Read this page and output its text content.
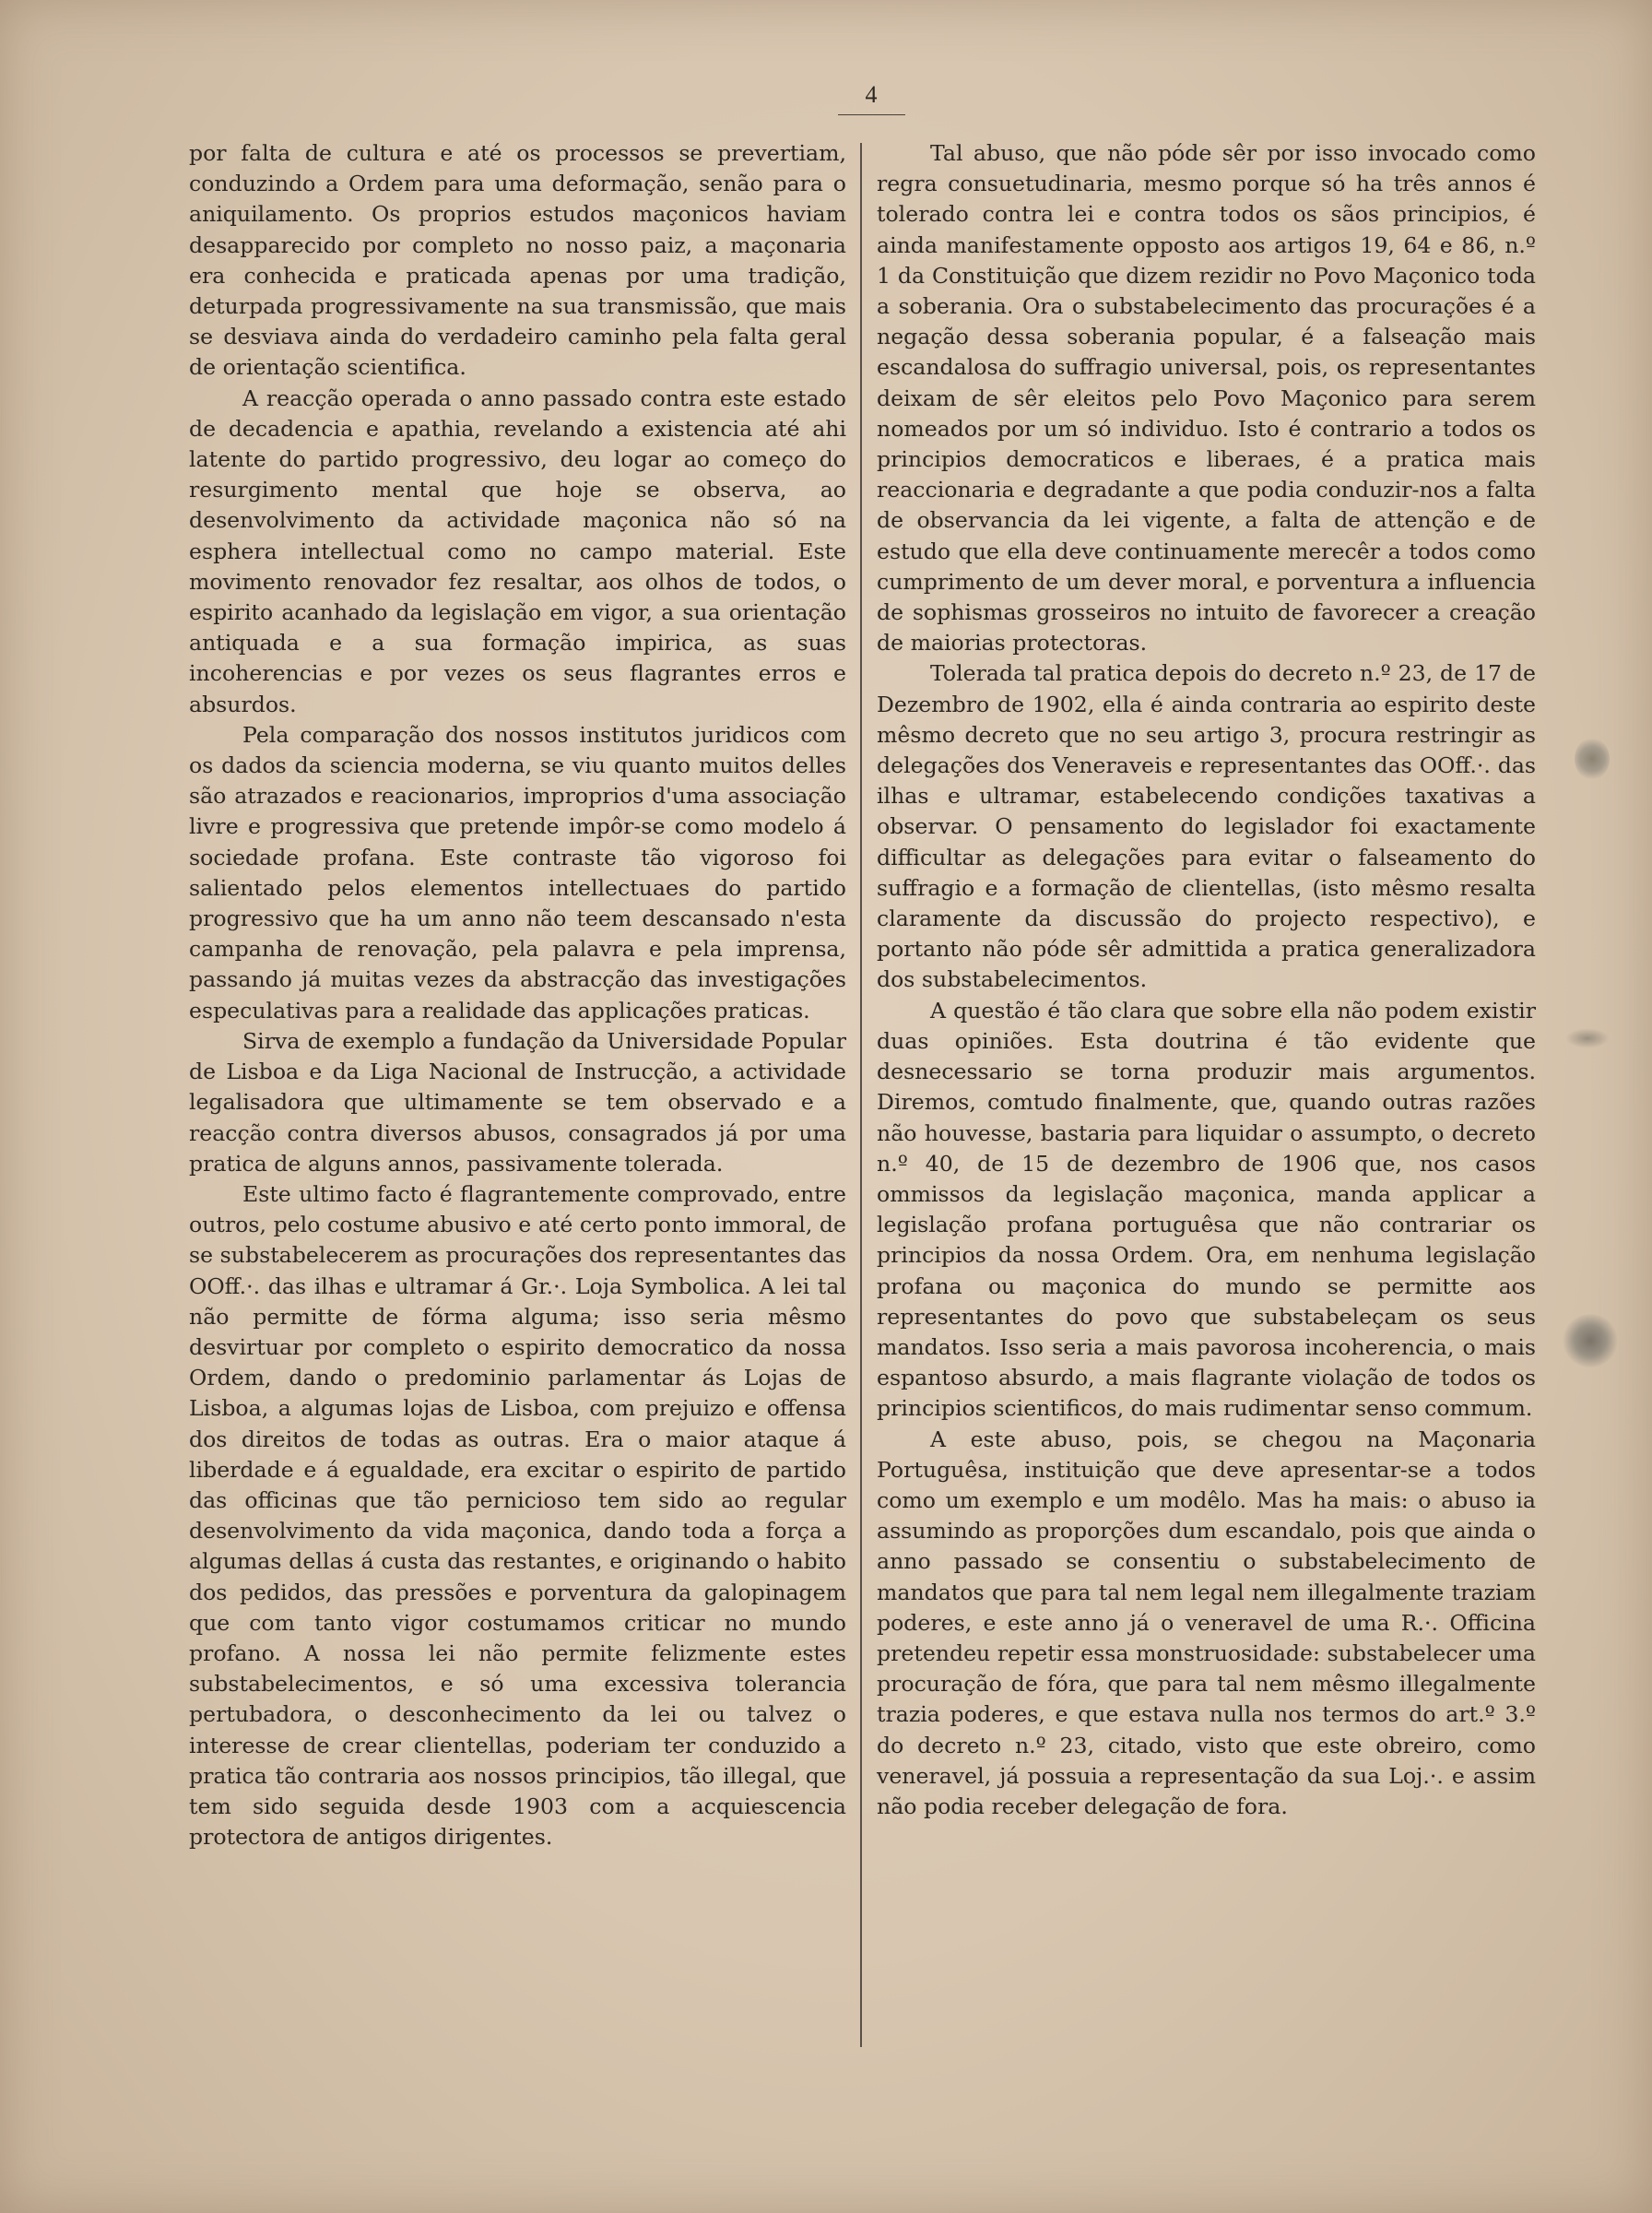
4

por falta de cultura e até os processos se prevertiam, conduzindo a Ordem para uma deformação, senão para o aniquilamento. Os proprios estudos maçonicos haviam desapparecido por completo no nosso paiz, a maçonaria era conhecida e praticada apenas por uma tradição, deturpada progressivamente na sua transmissão, que mais se desviava ainda do verdadeiro caminho pela falta geral de orientação scientifica.

A reacção operada o anno passado contra este estado de decadencia e apathia, revelando a existencia até ahi latente do partido progressivo, deu logar ao começo do resurgimento mental que hoje se observa, ao desenvolvimento da actividade maçonica não só na esphera intellectual como no campo material. Este movimento renovador fez resaltar, aos olhos de todos, o espirito acanhado da legislação em vigor, a sua orientação antiquada e a sua formação impirica, as suas incoherencias e por vezes os seus flagrantes erros e absurdos.

Pela comparação dos nossos institutos juridicos com os dados da sciencia moderna, se viu quanto muitos delles são atrazados e reacionarios, improprios d'uma associação livre e progressiva que pretende impôr-se como modelo á sociedade profana. Este contraste tão vigoroso foi salientado pelos elementos intellectuaes do partido progressivo que ha um anno não teem descansado n'esta campanha de renovação, pela palavra e pela imprensa, passando já muitas vezes da abstracção das investigações especulativas para a realidade das applicações praticas.

Sirva de exemplo a fundação da Universidade Popular de Lisboa e da Liga Nacional de Instrucção, a actividade legalisadora que ultimamente se tem observado e a reacção contra diversos abusos, consagrados já por uma pratica de alguns annos, passivamente tolerada.

Este ultimo facto é flagrantemente comprovado, entre outros, pelo costume abusivo e até certo ponto immoral, de se substabelecerem as procurações dos representantes das OOff.·. das ilhas e ultramar á Gr.·. Loja Symbolica. A lei tal não permitte de fórma alguma; isso seria mêsmo desvirtuar por completo o espirito democratico da nossa Ordem, dando o predominio parlamentar ás Lojas de Lisboa, a algumas lojas de Lisboa, com prejuizo e offensa dos direitos de todas as outras. Era o maior ataque á liberdade e á egualdade, era excitar o espirito de partido das officinas que tão pernicioso tem sido ao regular desenvolvimento da vida maçonica, dando toda a força a algumas dellas á custa das restantes, e originando o habito dos pedidos, das pressões e porventura da galopinagem que com tanto vigor costumamos criticar no mundo profano. A nossa lei não permite felizmente estes substabelecimentos, e só uma excessiva tolerancia pertubadora, o desconhecimento da lei ou talvez o interesse de crear clientellas, poderiam ter conduzido a pratica tão contraria aos nossos principios, tão illegal, que tem sido seguida desde 1903 com a acquiescencia protectora de antigos dirigentes.

Tal abuso, que não póde sêr por isso invocado como regra consuetudinaria, mesmo porque só ha três annos é tolerado contra lei e contra todos os sãos principios, é ainda manifestamente opposto aos artigos 19, 64 e 86, n.º 1 da Constituição que dizem rezidir no Povo Maçonico toda a soberania. Ora o substabelecimento das procurações é a negação dessa soberania popular, é a falseação mais escandalosa do suffragio universal, pois, os representantes deixam de sêr eleitos pelo Povo Maçonico para serem nomeados por um só individuo. Isto é contrario a todos os principios democraticos e liberaes, é a pratica mais reaccionaria e degradante a que podia conduzir-nos a falta de observancia da lei vigente, a falta de attenção e de estudo que ella deve continuamente merecêr a todos como cumprimento de um dever moral, e porventura a influencia de sophismas grosseiros no intuito de favorecer a creação de maiorias protectoras.

Tolerada tal pratica depois do decreto n.º 23, de 17 de Dezembro de 1902, ella é ainda contraria ao espirito deste mêsmo decreto que no seu artigo 3, procura restringir as delegações dos Veneraveis e representantes das OOff.·. das ilhas e ultramar, estabelecendo condições taxativas a observar. O pensamento do legislador foi exactamente difficultar as delegações para evitar o falseamento do suffragio e a formação de clientellas, (isto mêsmo resalta claramente da discussão do projecto respectivo), e portanto não póde sêr admittida a pratica generalizadora dos substabelecimentos.

A questão é tão clara que sobre ella não podem existir duas opiniões. Esta doutrina é tão evidente que desnecessario se torna produzir mais argumentos. Diremos, comtudo finalmente, que, quando outras razões não houvesse, bastaria para liquidar o assumpto, o decreto n.º 40, de 15 de dezembro de 1906 que, nos casos ommissos da legislação maçonica, manda applicar a legislação profana portuguêsa que não contrariar os principios da nossa Ordem. Ora, em nenhuma legislação profana ou maçonica do mundo se permitte aos representantes do povo que substabeleçam os seus mandatos. Isso seria a mais pavorosa incoherencia, o mais espantoso absurdo, a mais flagrante violação de todos os principios scientificos, do mais rudimentar senso commum.

A este abuso, pois, se chegou na Maçonaria Portuguêsa, instituição que deve apresentar-se a todos como um exemplo e um modêlo. Mas ha mais: o abuso ia assumindo as proporções dum escandalo, pois que ainda o anno passado se consentiu o substabelecimento de mandatos que para tal nem legal nem illegalmente traziam poderes, e este anno já o veneravel de uma R.·. Officina pretendeu repetir essa monstruosidade: substabelecer uma procuração de fóra, que para tal nem mêsmo illegalmente trazia poderes, e que estava nulla nos termos do art.º 3.º do decreto n.º 23, citado, visto que este obreiro, como veneravel, já possuia a representação da sua Loj.·. e assim não podia receber delegação de fora.
